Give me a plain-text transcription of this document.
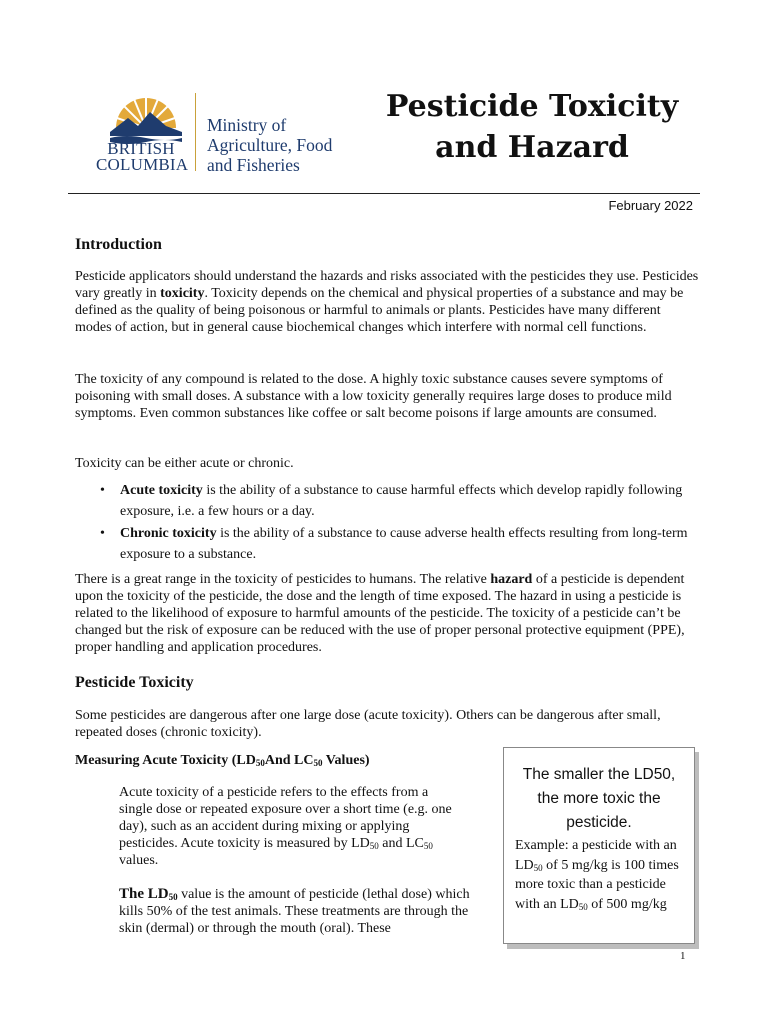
BRITISH
COLUMBIA
Ministry of
Agriculture, Food
and Fisheries
Pesticide Toxicity
and Hazard
February 2022
Introduction

Pesticide applicators should understand the hazards and risks associated with the pesticides they use. Pesticides vary greatly in toxicity. Toxicity depends on the chemical and physical properties of a substance and may be defined as the quality of being poisonous or harmful to animals or plants. Pesticides have many different modes of action, but in general cause biochemical changes which interfere with normal cell functions.

The toxicity of any compound is related to the dose. A highly toxic substance causes severe symptoms of poisoning with small doses. A substance with a low toxicity generally requires large doses to produce mild symptoms. Even common substances like coffee or salt become poisons if large amounts are consumed.

Toxicity can be either acute or chronic.

• Acute toxicity is the ability of a substance to cause harmful effects which develop rapidly following exposure, i.e. a few hours or a day.
• Chronic toxicity is the ability of a substance to cause adverse health effects resulting from long-term exposure to a substance.

There is a great range in the toxicity of pesticides to humans. The relative hazard of a pesticide is dependent upon the toxicity of the pesticide, the dose and the length of time exposed. The hazard in using a pesticide is related to the likelihood of exposure to harmful amounts of the pesticide. The toxicity of a pesticide can’t be changed but the risk of exposure can be reduced with the use of proper personal protective equipment (PPE), proper handling and application procedures.

Pesticide Toxicity

Some pesticides are dangerous after one large dose (acute toxicity). Others can be dangerous after small, repeated doses (chronic toxicity).

Measuring Acute Toxicity ($LD_{50}And$ $LC_{50}$ Values)

Acute toxicity of a pesticide refers to the effects from a single dose or repeated exposure over a short time (e.g. one day), such as an accident during mixing or applying pesticides. Acute toxicity is measured by $LD_{50}$ and $LC_{50}$ values.

The $LD_{50}$ value is the amount of pesticide (lethal dose) which kills 50% of the test animals. These treatments are through the skin (dermal) or through the mouth (oral). These

The smaller the LD50, the more toxic the pesticide.
Example: a pesticide with an $LD_{50}$ of 5 mg/kg is 100 times more toxic than a pesticide with an $LD_{50}$ of 500 mg/kg
1
